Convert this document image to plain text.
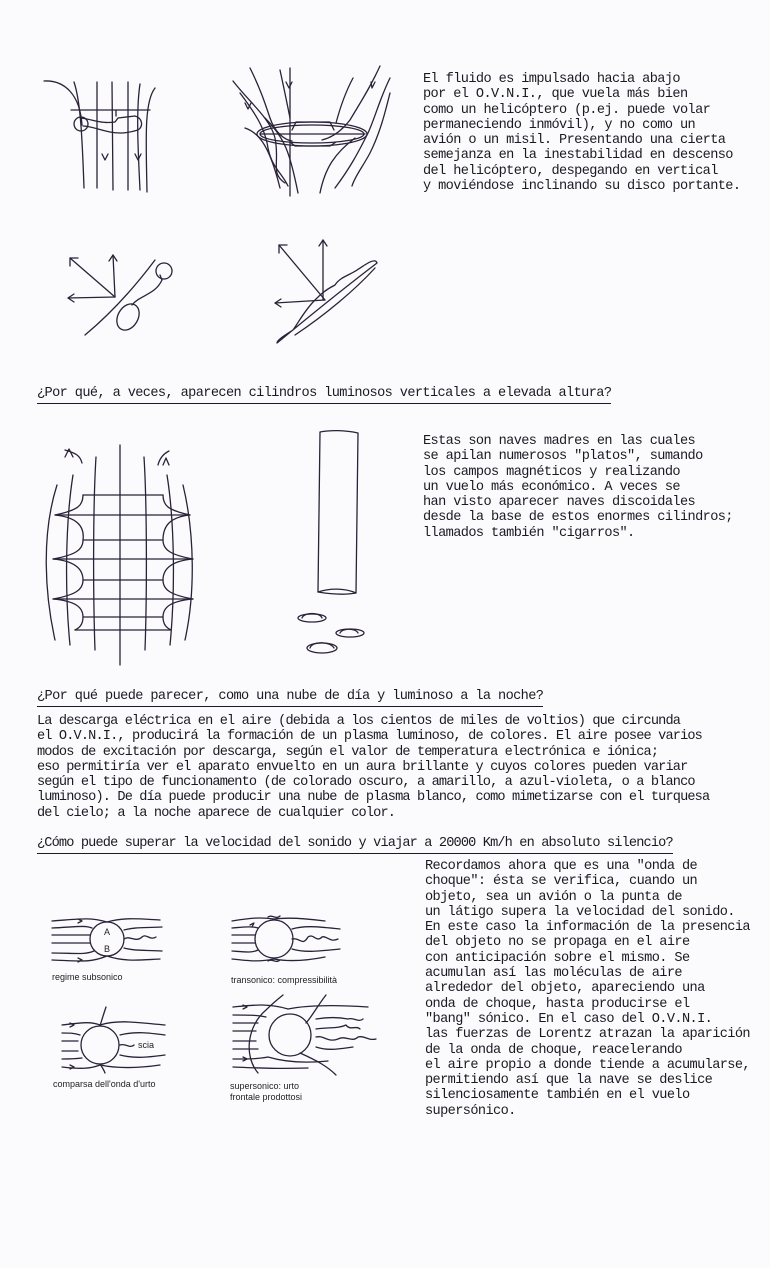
El fluido es impulsado hacia abajo
por el O.V.N.I., que vuela más bien
como un helicóptero (p.ej. puede volar
permaneciendo inmóvil), y no como un
avión o un misil. Presentando una cierta
semejanza en la inestabilidad en descenso
del helicóptero, despegando en vertical
y moviéndose inclinando su disco portante.
¿Por qué, a veces, aparecen cilindros luminosos verticales a elevada altura?
Estas son naves madres en las cuales
se apilan numerosos "platos", sumando
los campos magnéticos y realizando
un vuelo más económico. A veces se
han visto aparecer naves discoidales
desde la base de estos enormes cilindros;
llamados también "cigarros".
¿Por qué puede parecer, como una nube de día y luminoso a la noche?
La descarga eléctrica en el aire (debida a los cientos de miles de voltios) que circunda
el O.V.N.I., producirá la formación de un plasma luminoso, de colores. El aire posee varios
modos de excitación por descarga, según el valor de temperatura electrónica e iónica;
eso permitiría ver el aparato envuelto en un aura brillante y cuyos colores pueden variar
según el tipo de funcionamento (de colorado oscuro, a amarillo, a azul-violeta, o a blanco
luminoso). De día puede producir una nube de plasma blanco, como mimetizarse con el turquesa
del cielo; a la noche aparece de cualquier color.
¿Cómo puede superar la velocidad del sonido y viajar a 20000 Km/h en absoluto silencio?
A
B
regime subsonico	transonico: compressibilità
scia
comparsa dell'onda d'urto	supersonico: urto
frontale prodottosi
Recordamos ahora que es una "onda de
choque": ésta se verifica, cuando un
objeto, sea un avión o la punta de
un látigo supera la velocidad del sonido.
En este caso la información de la presencia
del objeto no se propaga en el aire
con anticipación sobre el mismo. Se
acumulan así las moléculas de aire
alrededor del objeto, apareciendo una
onda de choque, hasta producirse el
"bang" sónico. En el caso del O.V.N.I.
las fuerzas de Lorentz atrazan la aparición
de la onda de choque, reacelerando
el aire propio a donde tiende a acumularse,
permitiendo así que la nave se deslice
silenciosamente también en el vuelo
supersónico.
